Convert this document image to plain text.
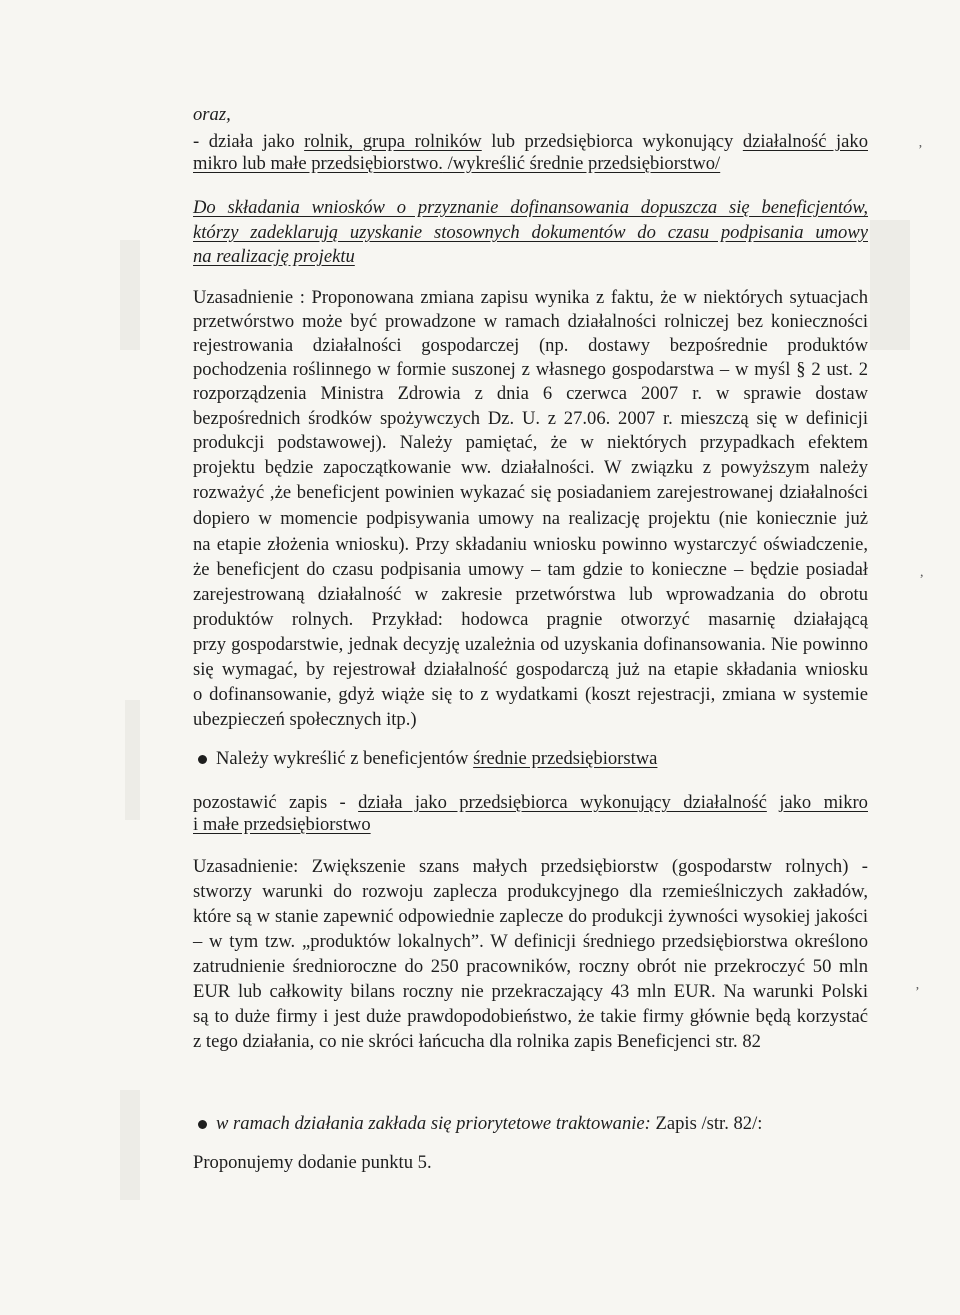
oraz,
- działa jako rolnik, grupa rolników lub przedsiębiorca wykonujący działalność jako
mikro lub małe przedsiębiorstwo. /wykreślić średnie przedsiębiorstwo/
Do składania wniosków o przyznanie dofinansowania dopuszcza się beneficjentów,
którzy zadeklarują uzyskanie stosownych dokumentów do czasu podpisania umowy
na realizację projektu
Uzasadnienie : Proponowana zmiana zapisu wynika z faktu, że w niektórych sytuacjach
przetwórstwo może być prowadzone w ramach działalności rolniczej bez konieczności
rejestrowania działalności gospodarczej (np. dostawy bezpośrednie produktów
pochodzenia roślinnego w formie suszonej z własnego gospodarstwa – w myśl § 2 ust. 2
rozporządzenia Ministra Zdrowia z dnia 6 czerwca 2007 r. w sprawie dostaw
bezpośrednich środków spożywczych Dz. U. z 27.06. 2007 r. mieszczą się w definicji
produkcji podstawowej). Należy pamiętać, że w niektórych przypadkach efektem
projektu będzie zapoczątkowanie ww. działalności. W związku z powyższym należy
rozważyć ,że beneficjent powinien wykazać się posiadaniem zarejestrowanej działalności
dopiero w momencie podpisywania umowy na realizację projektu (nie koniecznie już
na etapie złożenia wniosku). Przy składaniu wniosku powinno wystarczyć oświadczenie,
że beneficjent do czasu podpisania umowy – tam gdzie to konieczne – będzie posiadał
zarejestrowaną działalność w zakresie przetwórstwa lub wprowadzania do obrotu
produktów rolnych. Przykład: hodowca pragnie otworzyć masarnię działającą
przy gospodarstwie, jednak decyzję uzależnia od uzyskania dofinansowania. Nie powinno
się wymagać, by rejestrował działalność gospodarczą już na etapie składania wniosku
o dofinansowanie, gdyż wiąże się to z wydatkami (koszt rejestracji, zmiana w systemie
ubezpieczeń społecznych itp.)
Należy wykreślić z beneficjentów średnie przedsiębiorstwa
pozostawić zapis - działa jako przedsiębiorca wykonujący działalność jako mikro
i małe przedsiębiorstwo
Uzasadnienie: Zwiększenie szans małych przedsiębiorstw (gospodarstw rolnych) -
stworzy warunki do rozwoju zaplecza produkcyjnego dla rzemieślniczych zakładów,
które są w stanie zapewnić odpowiednie zaplecze do produkcji żywności wysokiej jakości
– w tym tzw. „produktów lokalnych”. W definicji średniego przedsiębiorstwa określono
zatrudnienie średnioroczne do 250 pracowników, roczny obrót nie przekroczyć 50 mln
EUR lub całkowity bilans roczny nie przekraczający 43 mln EUR. Na warunki Polski
są to duże firmy i jest duże prawdopodobieństwo, że takie firmy głównie będą korzystać
z tego działania, co nie skróci łańcucha dla rolnika zapis Beneficjenci str. 82
w ramach działania zakłada się priorytetowe traktowanie: Zapis /str. 82/:
Proponujemy dodanie punktu 5.
’
,
’
